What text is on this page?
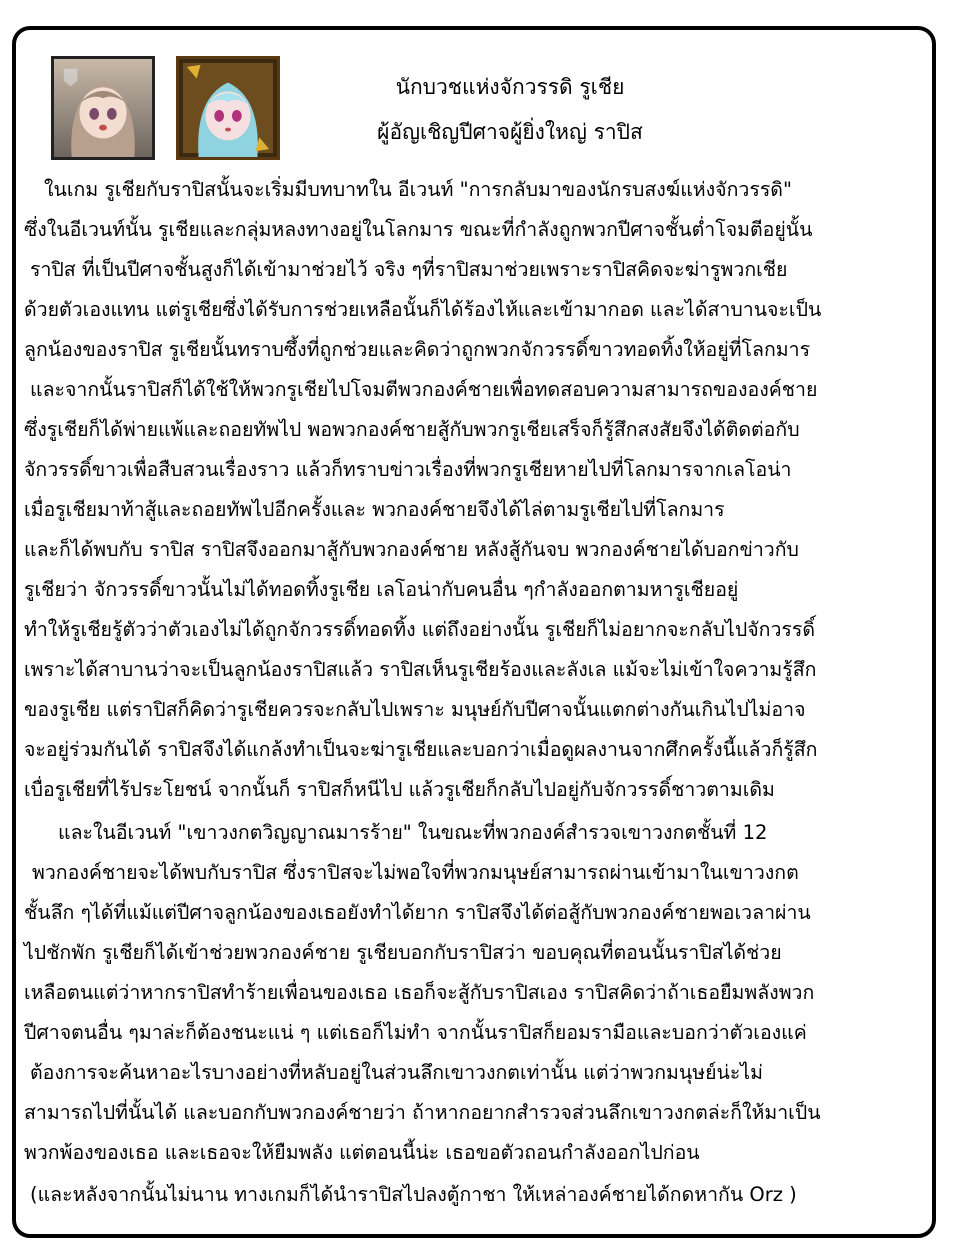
นักบวชแห่งจักวรรดิ รูเชีย
ผู้อัญเชิญปีศาจผู้ยิ่งใหญ่ ราปิส
ในเกม รูเชียกับราปิสนั้นจะเริ่มมีบทบาทใน อีเวนท์ "การกลับมาของนักรบสงฆ์แห่งจักวรรดิ"
ซึ่งในอีเวนท์นั้น รูเชียและกลุ่มหลงทางอยู่ในโลกมาร ขณะที่กำลังถูกพวกปีศาจชั้นต่ำโจมตีอยู่นั้น
ราปิส ที่เป็นปีศาจชั้นสูงก็ได้เข้ามาช่วยไว้ จริง ๆที่ราปิสมาช่วยเพราะราปิสคิดจะฆ่ารูพวกเชีย
ด้วยตัวเองแทน แต่รูเชียซึ่งได้รับการช่วยเหลือนั้นก็ได้ร้องไห้และเข้ามากอด และได้สาบานจะเป็น
ลูกน้องของราปิส รูเชียนั้นทราบซึ้งที่ถูกช่วยและคิดว่าถูกพวกจักวรรดิ์ขาวทอดทิ้งให้อยู่ที่โลกมาร
และจากนั้นราปิสก็ได้ใช้ให้พวกรูเชียไปโจมตีพวกองค์ชายเพื่อทดสอบความสามารถขององค์ชาย
ซึ่งรูเชียก็ได้พ่ายแพ้และถอยทัพไป พอพวกองค์ชายสู้กับพวกรูเชียเสร็จก็รู้สึกสงสัยจึงได้ติดต่อกับ
จักวรรดิ์ขาวเพื่อสืบสวนเรื่องราว แล้วก็ทราบข่าวเรื่องที่พวกรูเชียหายไปที่โลกมารจากเลโอน่า
เมื่อรูเชียมาท้าสู้และถอยทัพไปอีกครั้งและ พวกองค์ชายจึงได้ไล่ตามรูเชียไปที่โลกมาร
และก็ได้พบกับ ราปิส ราปิสจึงออกมาสู้กับพวกองค์ชาย หลังสู้กันจบ พวกองค์ชายได้บอกข่าวกับ
รูเชียว่า จักวรรดิ์ขาวนั้นไม่ได้ทอดทิ้งรูเชีย เลโอน่ากับคนอื่น ๆกำลังออกตามหารูเชียอยู่
ทำให้รูเชียรู้ตัวว่าตัวเองไม่ได้ถูกจักวรรดิ์ทอดทิ้ง แต่ถึงอย่างนั้น รูเชียก็ไม่อยากจะกลับไปจักวรรดิ์
เพราะได้สาบานว่าจะเป็นลูกน้องราปิสแล้ว ราปิสเห็นรูเชียร้องและลังเล แม้จะไม่เข้าใจความรู้สึก
ของรูเชีย แต่ราปิสก็คิดว่ารูเชียควรจะกลับไปเพราะ มนุษย์กับปีศาจนั้นแตกต่างกันเกินไปไม่อาจ
จะอยู่ร่วมกันได้ ราปิสจึงได้แกล้งทำเป็นจะฆ่ารูเชียและบอกว่าเมื่อดูผลงานจากศึกครั้งนี้แล้วก็รู้สึก
เบื่อรูเชียที่ไร้ประโยชน์ จากนั้นก็ ราปิสก็หนีไป แล้วรูเชียก็กลับไปอยู่กับจักวรรดิ์ชาวตามเดิม
และในอีเวนท์ "เขาวงกตวิญญาณมารร้าย" ในขณะที่พวกองค์สำรวจเขาวงกตชั้นที่ 12
พวกองค์ชายจะได้พบกับราปิส ซึ่งราปิสจะไม่พอใจที่พวกมนุษย์สามารถผ่านเข้ามาในเขาวงกต
ชั้นลึก ๆได้ที่แม้แต่ปีศาจลูกน้องของเธอยังทำได้ยาก ราปิสจึงได้ต่อสู้กับพวกองค์ชายพอเวลาผ่าน
ไปชักพัก รูเชียก็ได้เข้าช่วยพวกองค์ชาย รูเชียบอกกับราปิสว่า ขอบคุณที่ตอนนั้นราปิสได้ช่วย
เหลือตนแต่ว่าหากราปิสทำร้ายเพื่อนของเธอ เธอก็จะสู้กับราปิสเอง ราปิสคิดว่าถ้าเธอยืมพลังพวก
ปีศาจตนอื่น ๆมาล่ะก็ต้องชนะแน่ ๆ แต่เธอก็ไม่ทำ จากนั้นราปิสก็ยอมรามือและบอกว่าตัวเองแค่
ต้องการจะค้นหาอะไรบางอย่างที่หลับอยู่ในส่วนลึกเขาวงกตเท่านั้น แต่ว่าพวกมนุษย์น่ะไม่
สามารถไปที่นั้นได้ และบอกกับพวกองค์ชายว่า ถ้าหากอยากสำรวจส่วนลึกเขาวงกตล่ะก็ให้มาเป็น
พวกพ้องของเธอ และเธอจะให้ยืมพลัง แต่ตอนนี้น่ะ เธอขอตัวถอนกำลังออกไปก่อน
(และหลังจากนั้นไม่นาน ทางเกมก็ได้นำราปิสไปลงตู้กาชา ให้เหล่าองค์ชายได้กดหากัน Orz )
